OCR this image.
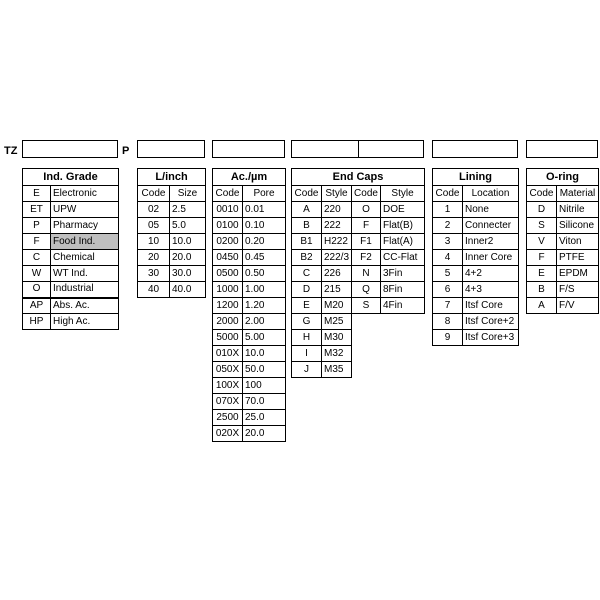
TZ	P
Ind. Grade	
E	Electronic
ET	UPW
P	Pharmacy
F	Food Ind.
C	Chemical
W	WT Ind.
O	Industrial
AP	Abs. Ac.
HP	High Ac.
L/inch	
Code	Size
02	2.5
05	5.0
10	10.0
20	20.0
30	30.0
40	40.0
Ac./µm	
Code	Pore
0010	0.01
0100	0.10
0200	0.20
0450	0.45
0500	0.50
1000	1.00
1200	1.20
2000	2.00
5000	5.00
010X	10.0
050X	50.0
100X	100
070X	70.0
2500	25.0
020X	20.0
End Caps			
Code	Style	Code	Style
A	220	O	DOE
B	222	F	Flat(B)
B1	H222	F1	Flat(A)
B2	222/3	F2	CC-Flat
C	226	N	3Fin
D	215	Q	8Fin
E	M20	S	4Fin
G	M25		
H	M30		
I	M32		
J	M35		
Lining	
Code	Location
1	None
2	Connecter
3	Inner2
4	Inner Core
5	4+2
6	4+3
7	Itsf Core
8	Itsf Core+2
9	Itsf Core+3
O-ring	
Code	Material
D	Nitrile
S	Silicone
V	Viton
F	PTFE
E	EPDM
B	F/S
A	F/V
